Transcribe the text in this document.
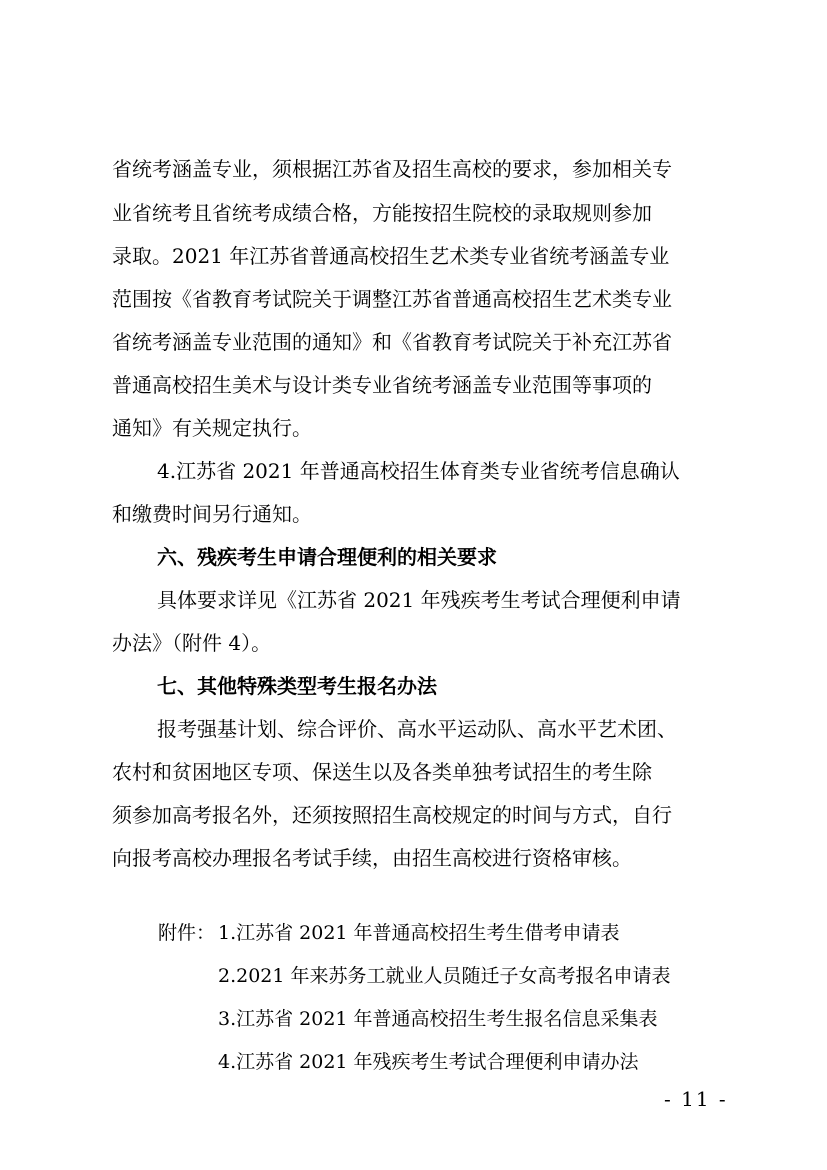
省统考涵盖专业，须根据江苏省及招生高校的要求，参加相关专
业省统考且省统考成绩合格，方能按招生院校的录取规则参加
录取。2021 年江苏省普通高校招生艺术类专业省统考涵盖专业
范围按《省教育考试院关于调整江苏省普通高校招生艺术类专业
省统考涵盖专业范围的通知》和《省教育考试院关于补充江苏省
普通高校招生美术与设计类专业省统考涵盖专业范围等事项的
通知》有关规定执行。
4.江苏省 2021 年普通高校招生体育类专业省统考信息确认
和缴费时间另行通知。
六、残疾考生申请合理便利的相关要求
具体要求详见《江苏省 2021 年残疾考生考试合理便利申请
办法》（附件 4）。
七、其他特殊类型考生报名办法
报考强基计划、综合评价、高水平运动队、高水平艺术团、
农村和贫困地区专项、保送生以及各类单独考试招生的考生除
须参加高考报名外，还须按照招生高校规定的时间与方式，自行
向报考高校办理报名考试手续，由招生高校进行资格审核。
附件： 1.江苏省 2021 年普通高校招生考生借考申请表
2.2021 年来苏务工就业人员随迁子女高考报名申请表
3.江苏省 2021 年普通高校招生考生报名信息采集表
4.江苏省 2021 年残疾考生考试合理便利申请办法
- 11 -
